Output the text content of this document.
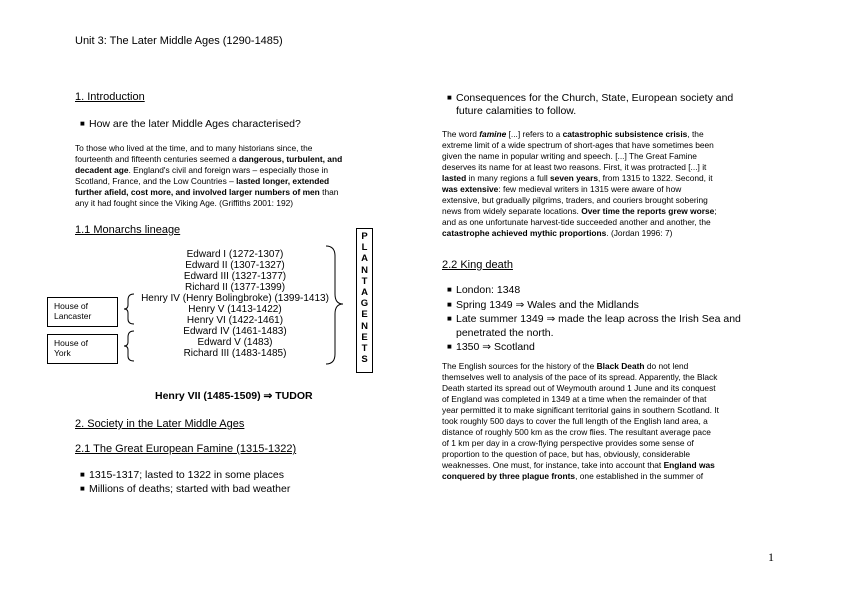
Unit 3: The Later Middle Ages (1290-1485)
1. Introduction
■ How are the later Middle Ages characterised?
To those who lived at the time, and to many historians since, the
fourteenth and fifteenth centuries seemed a dangerous, turbulent, and
decadent age. England's civil and foreign wars – especially those in
Scotland, France, and the Low Countries – lasted longer, extended
further afield, cost more, and involved larger numbers of men than
any it had fought since the Viking Age. (Griffiths 2001: 192)
1.1 Monarchs lineage
Edward I (1272-1307)
Edward II (1307-1327)
Edward III (1327-1377)
Richard II (1377-1399)
Henry IV (Henry Bolingbroke) (1399-1413)
Henry V (1413-1422)
Henry VI (1422-1461)
Edward IV (1461-1483)
Edward V (1483)
Richard III (1483-1485)
House of
Lancaster
House of
York
P
L
A
N
T
A
G
E
N
E
T
S
Henry VII (1485-1509) ⇒ TUDOR
2. Society in the Later Middle Ages
2.1 The Great European Famine (1315-1322)
■ 1315-1317; lasted to 1322 in some places
■ Millions of deaths; started with bad weather
■ Consequences for the Church, State, European society and
future calamities to follow.
The word famine [...] refers to a catastrophic subsistence crisis, the
extreme limit of a wide spectrum of short-ages that have sometimes been
given the name in popular writing and speech. [...] The Great Famine
deserves its name for at least two reasons. First, it was protracted [...] it
lasted in many regions a full seven years, from 1315 to 1322. Second, it
was extensive: few medieval writers in 1315 were aware of how
extensive, but gradually pilgrims, traders, and couriers brought sobering
news from widely separate locations. Over time the reports grew worse;
and as one unfortunate harvest-tide succeeded another and another, the
catastrophe achieved mythic proportions. (Jordan 1996: 7)
2.2 King death
■ London: 1348
■ Spring 1349 ⇒ Wales and the Midlands
■ Late summer 1349 ⇒ made the leap across the Irish Sea and
penetrated the north.
■ 1350 ⇒ Scotland
The English sources for the history of the Black Death do not lend
themselves well to analysis of the pace of its spread. Apparently, the Black
Death started its spread out of Weymouth around 1 June and its conquest
of England was completed in 1349 at a time when the remainder of that
year permitted it to make significant territorial gains in southern Scotland. It
took roughly 500 days to cover the full length of the English land area, a
distance of roughly 500 km as the crow flies. The resultant average pace
of 1 km per day in a crow-flying perspective provides some sense of
proportion to the question of pace, but has, obviously, considerable
weaknesses. One must, for instance, take into account that England was
conquered by three plague fronts, one established in the summer of
1
